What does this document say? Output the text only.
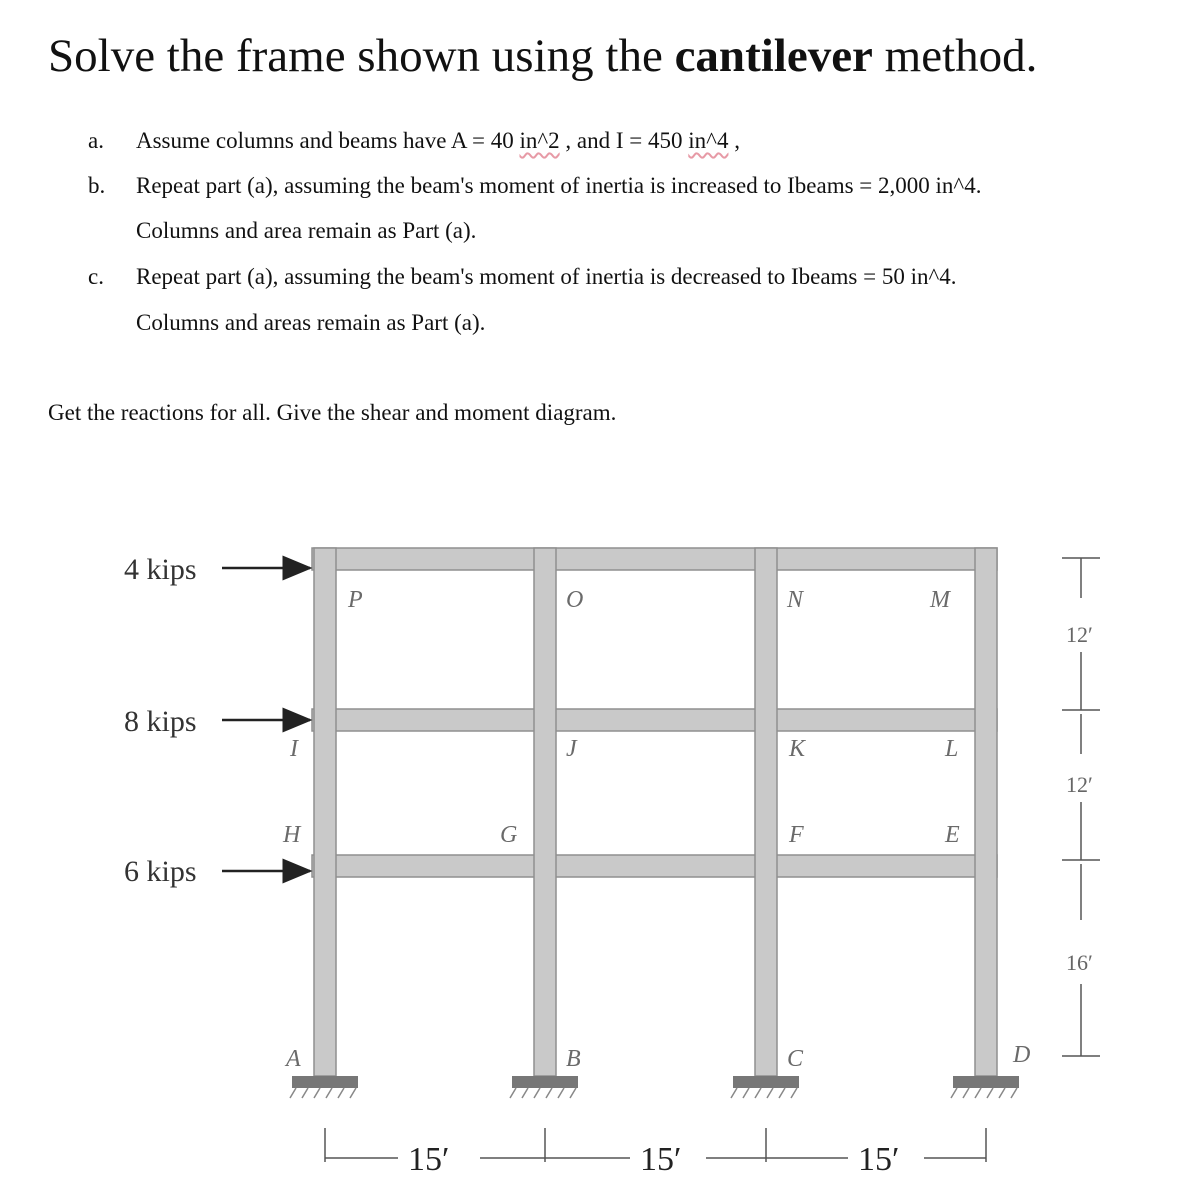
Solve the frame shown using the cantilever method.
a. Assume columns and beams have A = 40 in^2 , and I = 450 in^4 ,
b. Repeat part (a), assuming the beam's moment of inertia is increased to Ibeams = 2,000 in^4.
Columns and area remain as Part (a).
c. Repeat part (a), assuming the beam's moment of inertia is decreased to Ibeams = 50 in^4.
Columns and areas remain as Part (a).
Get the reactions for all. Give the shear and moment diagram.
4 kips
8 kips
6 kips
P	O	N	M
I	J	K	L
H	G	F	E
A	B	C	D
12′
12′
16′
15′	15′	15′
